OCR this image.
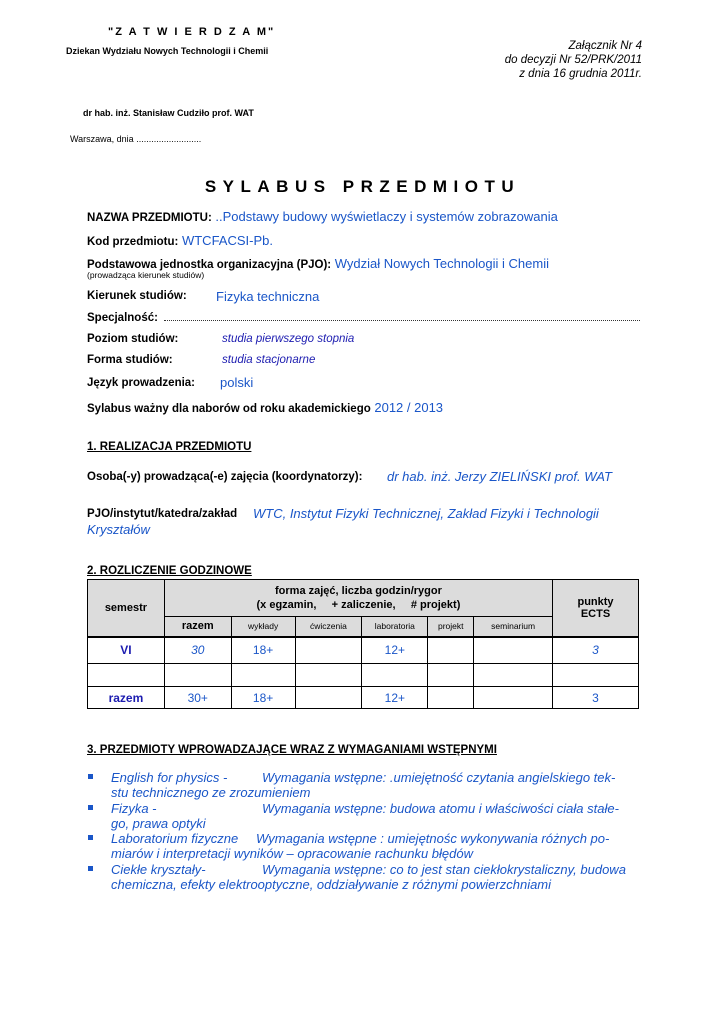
"Z A T W I E R D Z A M"
Dziekan Wydziału Nowych Technologii i Chemii	Załącznik Nr 4
do decyzji Nr 52/PRK/2011
z dnia 16 grudnia 2011r.
dr hab. inż. Stanisław Cudziło prof. WAT
Warszawa, dnia ..........................
SYLABUS PRZEDMIOTU
NAZWA PRZEDMIOTU: ..Podstawy budowy wyświetlaczy i systemów zobrazowania
Kod przedmiotu: WTCFACSI-Pb.
Podstawowa jednostka organizacyjna (PJO): Wydział Nowych Technologii i Chemii
(prowadząca kierunek studiów)
Kierunek studiów: Fizyka techniczna
Specjalność:
Poziom studiów:	studia pierwszego stopnia
Forma studiów:	studia stacjonarne
Język prowadzenia: polski
Sylabus ważny dla naborów od roku akademickiego 2012 / 2013
1. REALIZACJA PRZEDMIOTU
Osoba(-y) prowadząca(-e) zajęcia (koordynatorzy): dr hab. inż. Jerzy ZIELIŃSKI prof. WAT
PJO/instytut/katedra/zakład WTC, Instytut Fizyki Technicznej, Zakład Fizyki i Technologii
Kryształów
2. ROZLICZENIE GODZINOWE
semestr	forma zajęć, liczba godzin/rygor
(x egzamin,     + zaliczenie,     # projekt)						punkty ECTS
	razem	wykłady	ćwiczenia	laboratoria	projekt	seminarium	
VI	30	18+		12+			3

razem	30+	18+		12+			3
3. PRZEDMIOTY WPROWADZAJĄCE WRAZ Z WYMAGANIAMI WSTĘPNYMI
English for physics -	Wymagania wstępne: .umiejętność czytania angielskiego tek-
stu technicznego ze zrozumieniem
Fizyka -	Wymagania wstępne: budowa atomu i właściwości ciała stałe-
go, prawa optyki
Laboratorium fizyczne Wymagania wstępne : umiejętnośc wykonywania różnych po-
miarów i interpretacji wyników – opracowanie rachunku błędów
Ciekłe kryształy-	Wymagania wstępne: co to jest stan ciekłokrystaliczny, budowa
chemiczna, efekty elektrooptyczne, oddziaływanie z różnymi powierzchniami
